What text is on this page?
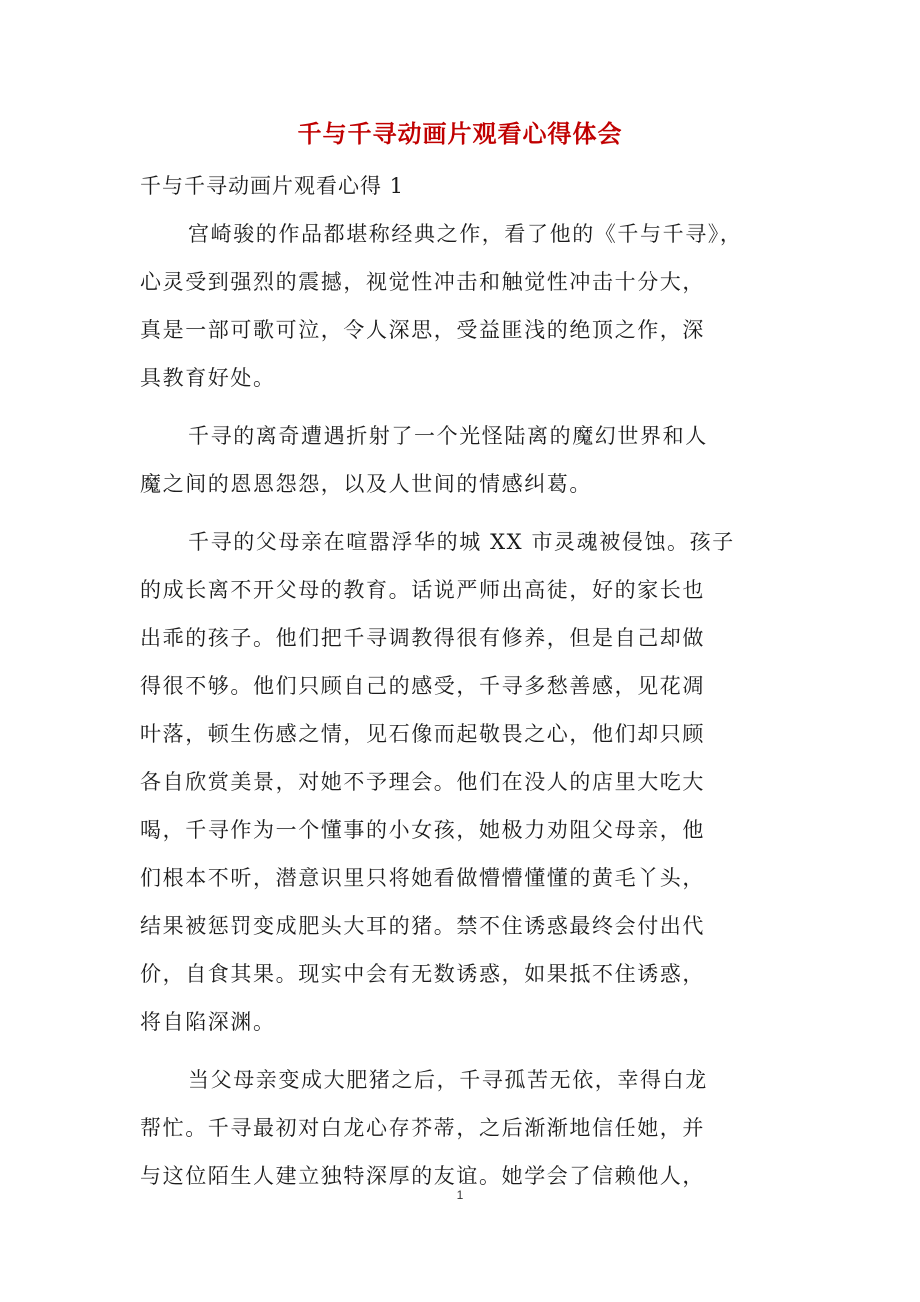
千与千寻动画片观看心得体会
千与千寻动画片观看心得 1

宫崎骏的作品都堪称经典之作，看了他的《千与千寻》，
心灵受到强烈的震撼，视觉性冲击和触觉性冲击十分大，
真是一部可歌可泣，令人深思，受益匪浅的绝顶之作，深
具教育好处。

千寻的离奇遭遇折射了一个光怪陆离的魔幻世界和人
魔之间的恩恩怨怨，以及人世间的情感纠葛。

千寻的父母亲在喧嚣浮华的城 XX 市灵魂被侵蚀。孩子
的成长离不开父母的教育。话说严师出高徒，好的家长也
出乖的孩子。他们把千寻调教得很有修养，但是自己却做
得很不够。他们只顾自己的感受，千寻多愁善感，见花凋
叶落，顿生伤感之情，见石像而起敬畏之心，他们却只顾
各自欣赏美景，对她不予理会。他们在没人的店里大吃大
喝，千寻作为一个懂事的小女孩，她极力劝阻父母亲，他
们根本不听，潜意识里只将她看做懵懵懂懂的黄毛丫头，
结果被惩罚变成肥头大耳的猪。禁不住诱惑最终会付出代
价，自食其果。现实中会有无数诱惑，如果抵不住诱惑，
将自陷深渊。

当父母亲变成大肥猪之后，千寻孤苦无依，幸得白龙
帮忙。千寻最初对白龙心存芥蒂，之后渐渐地信任她，并
与这位陌生人建立独特深厚的友谊。她学会了信赖他人，

1
